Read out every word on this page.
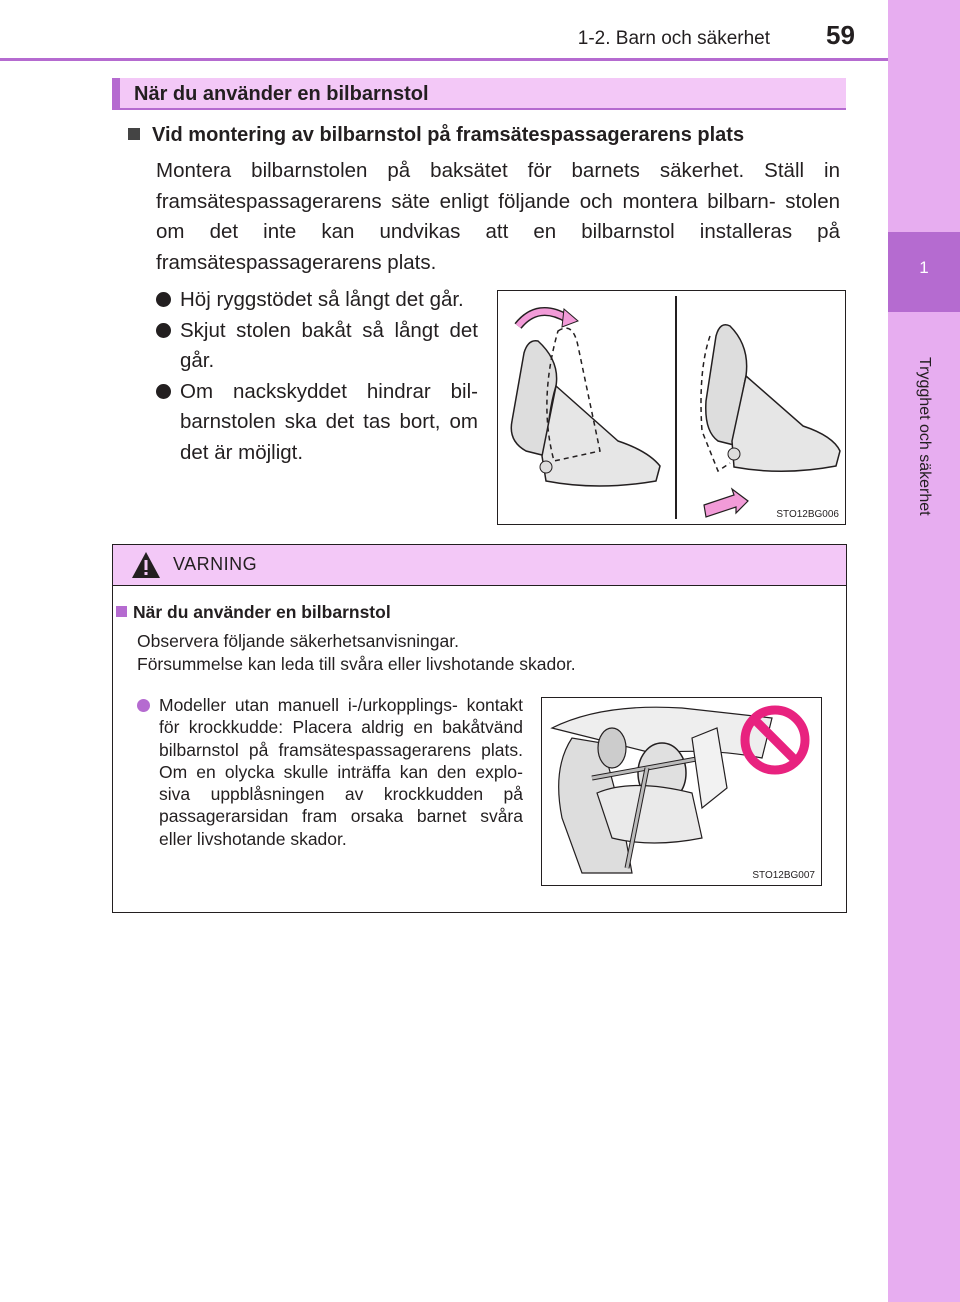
1
Trygghet och säkerhet
1-2. Barn och säkerhet 59
När du använder en bilbarnstol
Vid montering av bilbarnstol på framsätespassagerarens plats
Montera bilbarnstolen på baksätet för barnets säkerhet. Ställ in framsätespassagerarens säte enligt följande och montera bilbarn- stolen om det inte kan undvikas att en bilbarnstol installeras på framsätespassagerarens plats.
Höj ryggstödet så långt det går.
Skjut stolen bakåt så långt det går.
Om nackskyddet hindrar bil- barnstolen ska det tas bort, om det är möjligt.
STO12BG006
VARNING
När du använder en bilbarnstol
Observera följande säkerhetsanvisningar.
Försummelse kan leda till svåra eller livshotande skador.
Modeller utan manuell i-/urkopplings- kontakt för krockkudde: Placera aldrig en bakåtvänd bilbarnstol på framsätespassagerarens plats. Om en olycka skulle inträffa kan den explo- siva uppblåsningen av krockkudden på passagerarsidan fram orsaka barnet svåra eller livshotande skador.
STO12BG007
